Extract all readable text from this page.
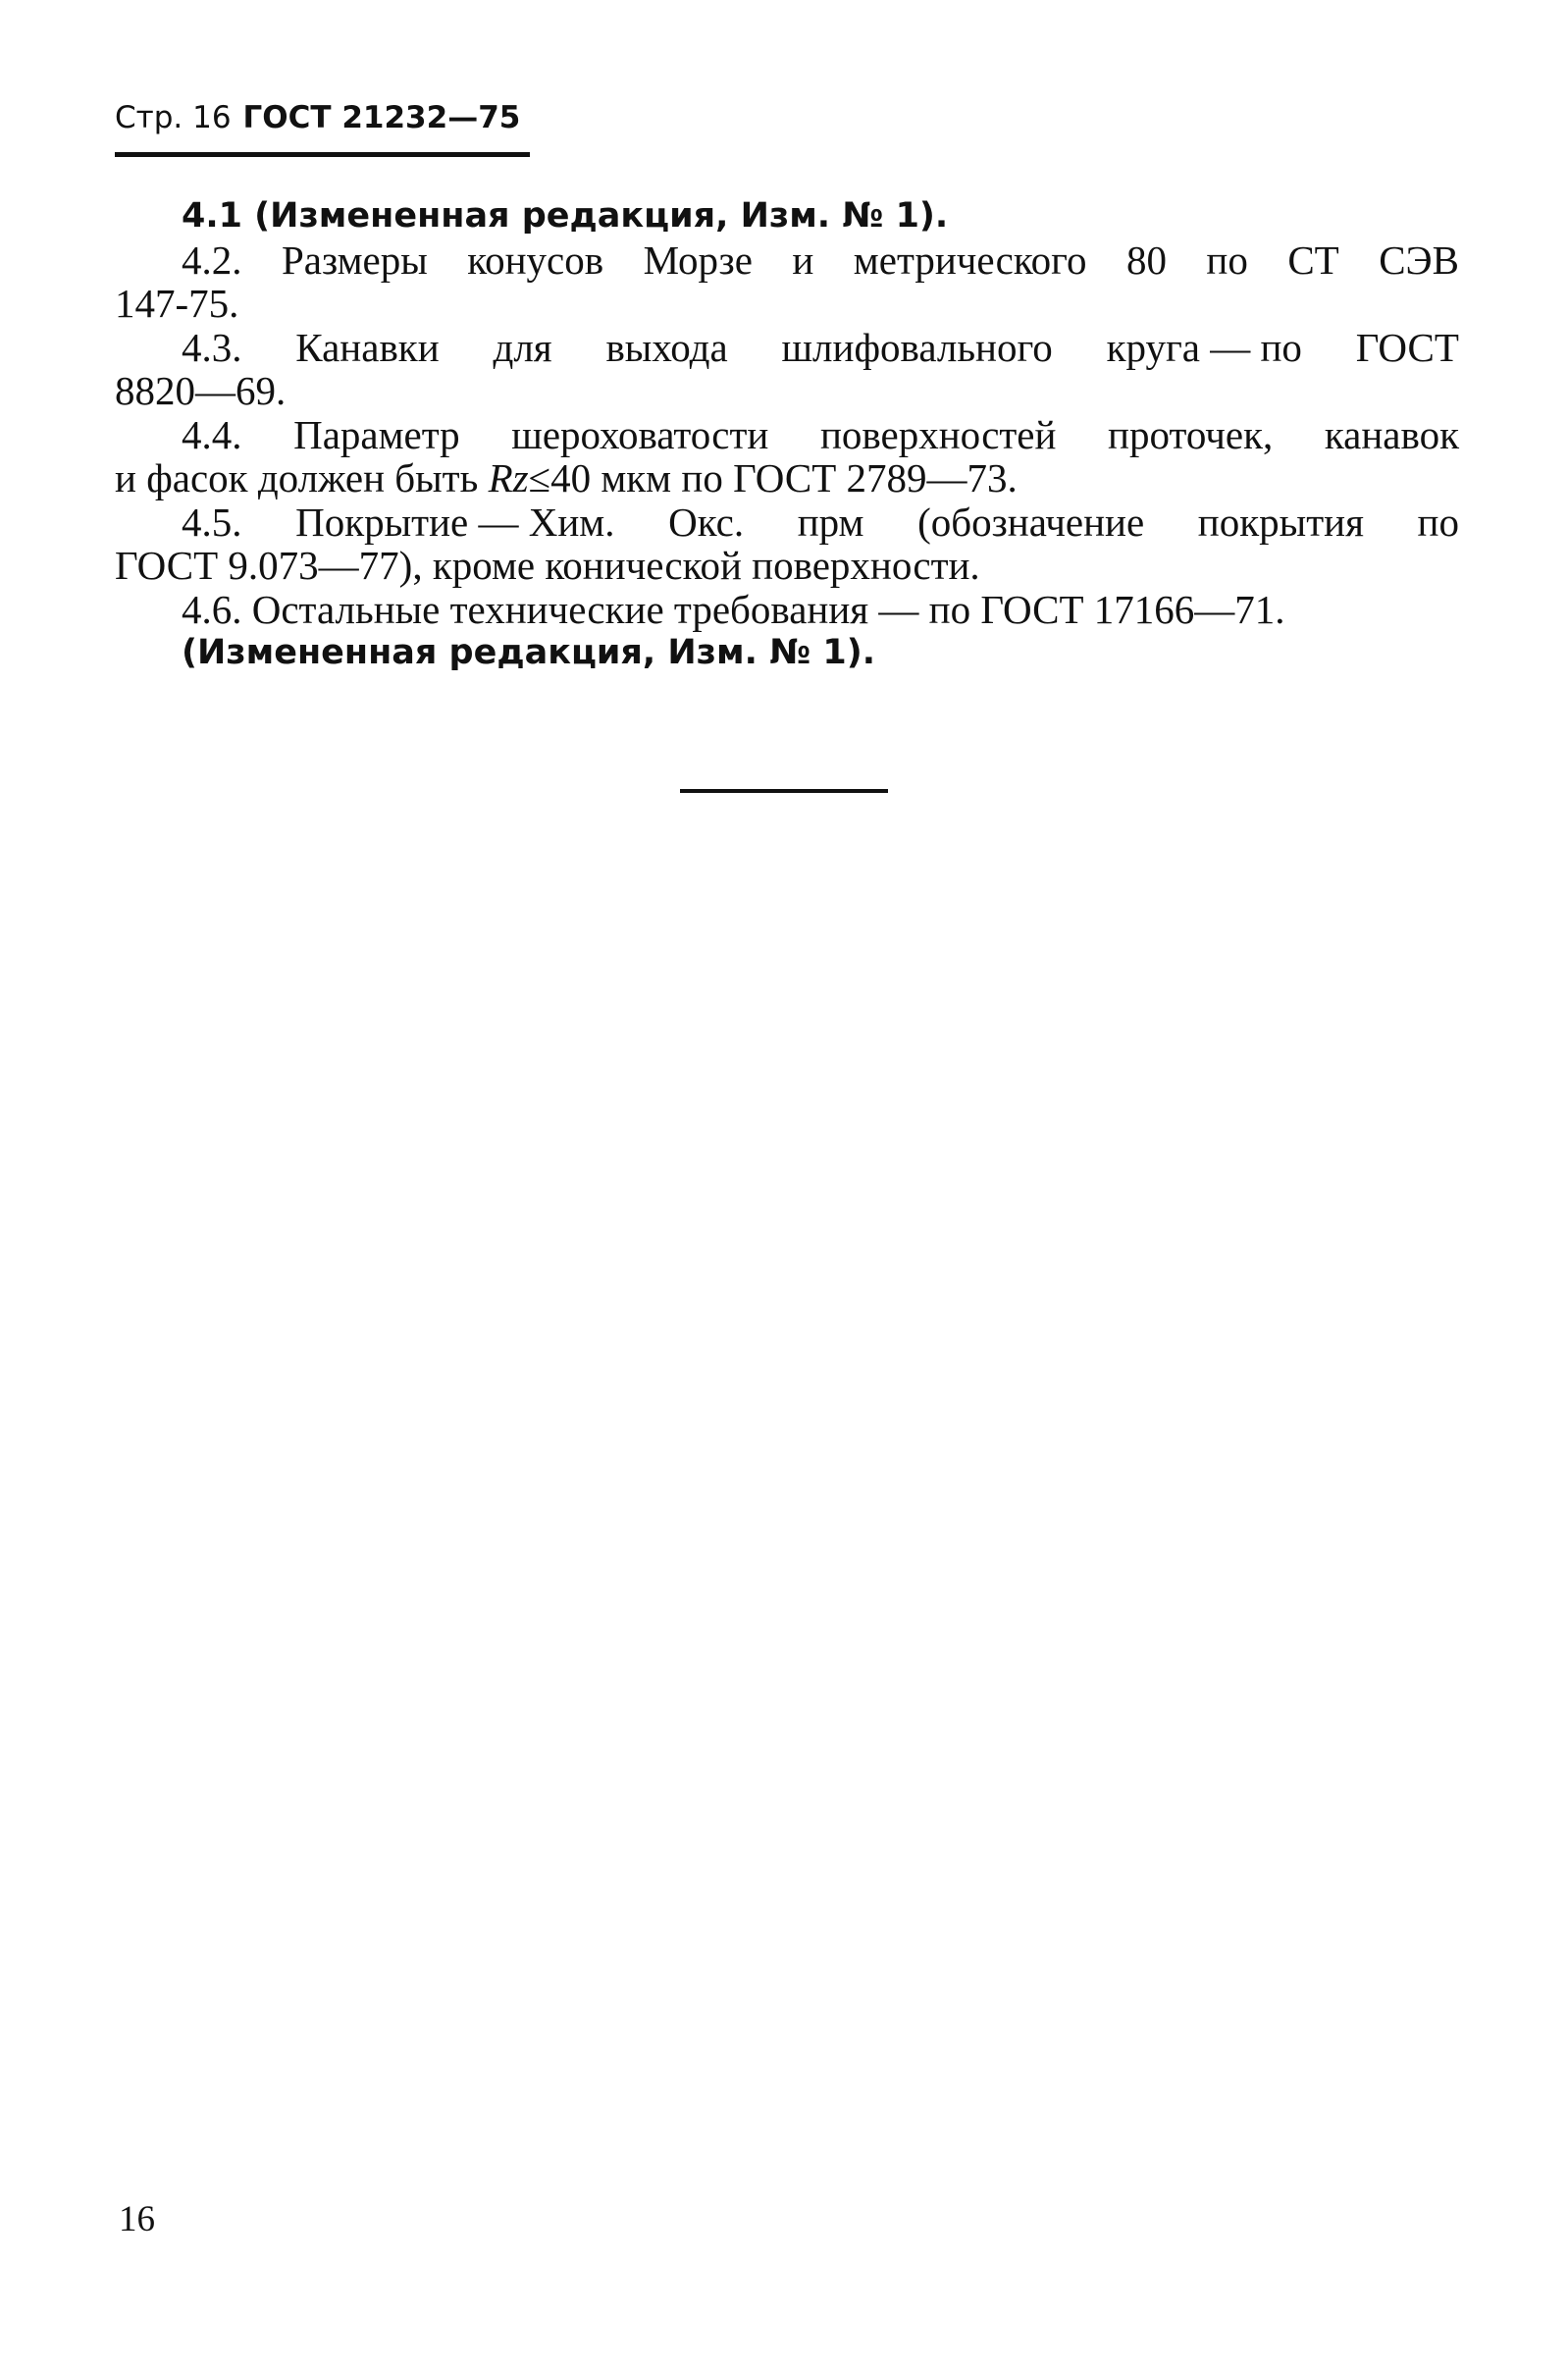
Стр. 16 ГОСТ 21232—75
4.1 (Измененная редакция, Изм. № 1).
4.2. Размеры конусов Морзе и метрического 80 по СТ СЭВ
147-75.
4.3. Канавки для выхода шлифовального круга — по ГОСТ
8820—69.
4.4. Параметр шероховатости поверхностей проточек, канавок
и фасок должен быть Rz≤40 мкм по ГОСТ 2789—73.
4.5. Покрытие — Хим. Окс. прм (обозначение покрытия по
ГОСТ 9.073—77), кроме конической поверхности.
4.6. Остальные технические требования — по ГОСТ 17166—71.
(Измененная редакция, Изм. № 1).
16
